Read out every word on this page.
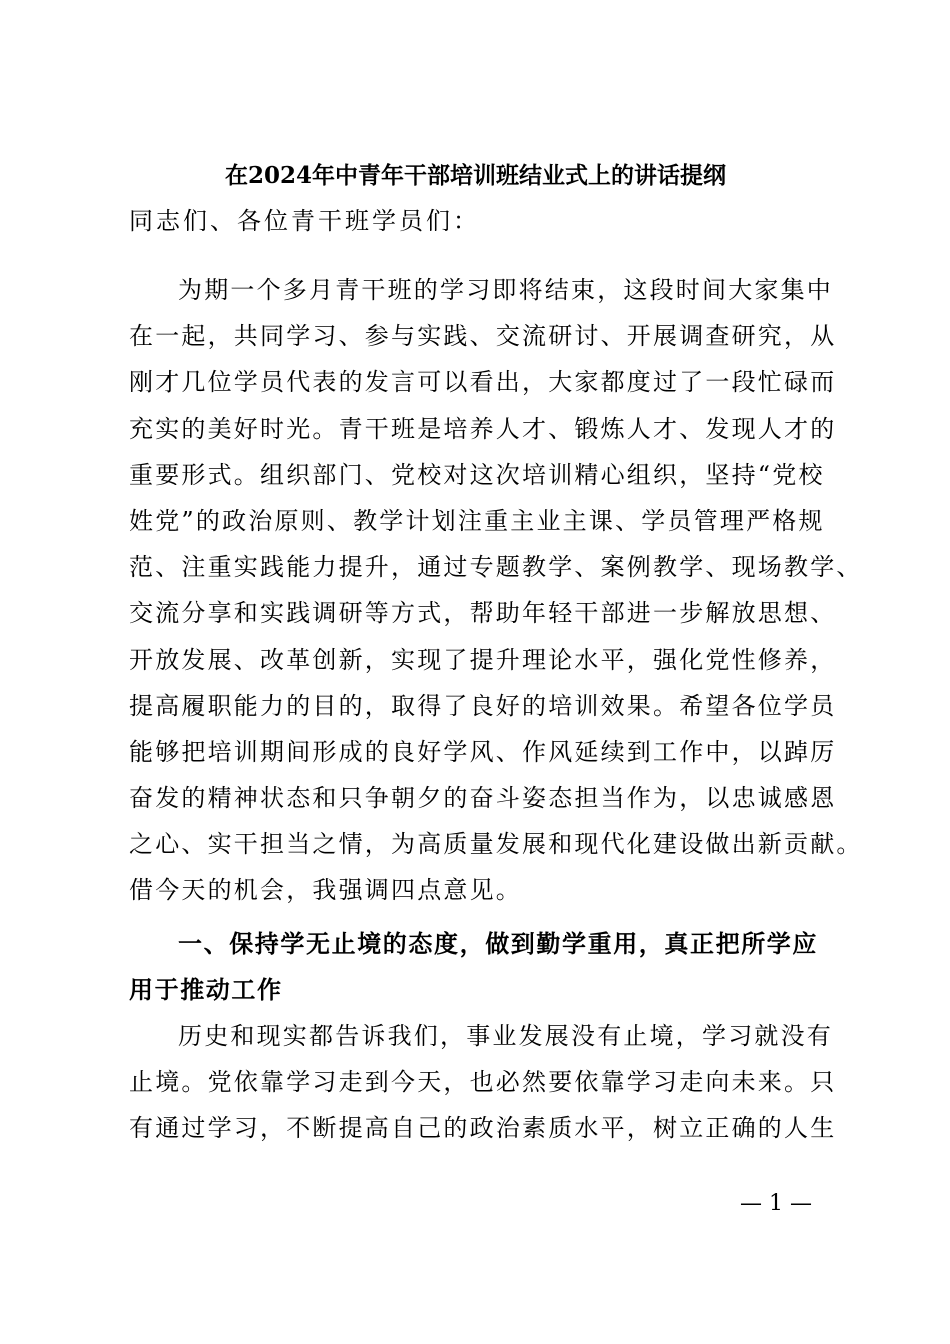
在2024年中青年干部培训班结业式上的讲话提纲
同志们、各位青干班学员们：
为期一个多月青干班的学习即将结束，这段时间大家集中
在一起，共同学习、参与实践、交流研讨、开展调查研究，从
刚才几位学员代表的发言可以看出，大家都度过了一段忙碌而
充实的美好时光。青干班是培养人才、锻炼人才、发现人才的
重要形式。组织部门、党校对这次培训精心组织，坚持“党校
姓党”的政治原则、教学计划注重主业主课、学员管理严格规
范、注重实践能力提升，通过专题教学、案例教学、现场教学、
交流分享和实践调研等方式，帮助年轻干部进一步解放思想、
开放发展、改革创新，实现了提升理论水平，强化党性修养，
提高履职能力的目的，取得了良好的培训效果。希望各位学员
能够把培训期间形成的良好学风、作风延续到工作中，以踔厉
奋发的精神状态和只争朝夕的奋斗姿态担当作为，以忠诚感恩
之心、实干担当之情，为高质量发展和现代化建设做出新贡献。
借今天的机会，我强调四点意见。
一、保持学无止境的态度，做到勤学重用，真正把所学应
用于推动工作
历史和现实都告诉我们，事业发展没有止境，学习就没有
止境。党依靠学习走到今天，也必然要依靠学习走向未来。只
有通过学习，不断提高自己的政治素质水平，树立正确的人生
— 1 —
